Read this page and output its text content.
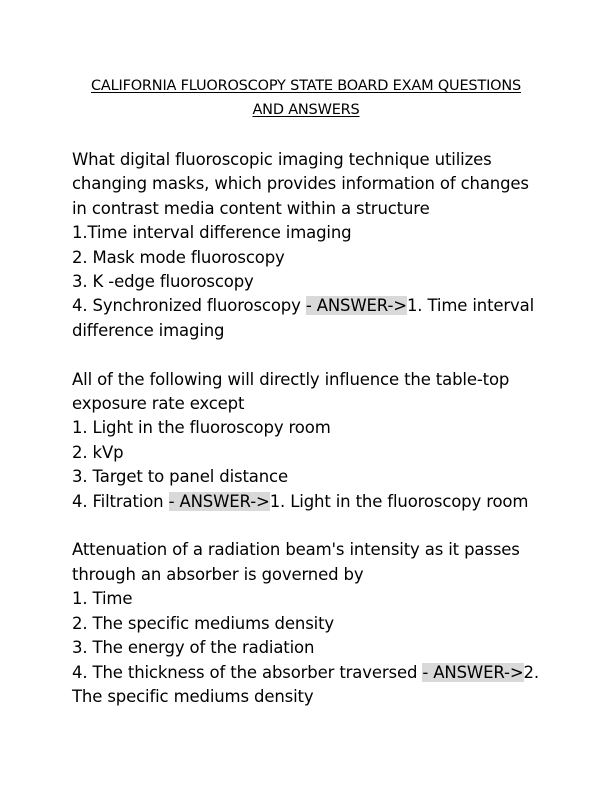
CALIFORNIA FLUOROSCOPY STATE BOARD EXAM QUESTIONS
AND ANSWERS
What digital fluoroscopic imaging technique utilizes
changing masks, which provides information of changes
in contrast media content within a structure
1.Time interval difference imaging
2. Mask mode fluoroscopy
3. K -edge fluoroscopy
4. Synchronized fluoroscopy - ANSWER->1. Time interval
difference imaging
All of the following will directly influence the table-top
exposure rate except
1. Light in the fluoroscopy room
2. kVp
3. Target to panel distance
4. Filtration - ANSWER->1. Light in the fluoroscopy room
Attenuation of a radiation beam's intensity as it passes
through an absorber is governed by
1. Time
2. The specific mediums density
3. The energy of the radiation
4. The thickness of the absorber traversed - ANSWER->2.
The specific mediums density
